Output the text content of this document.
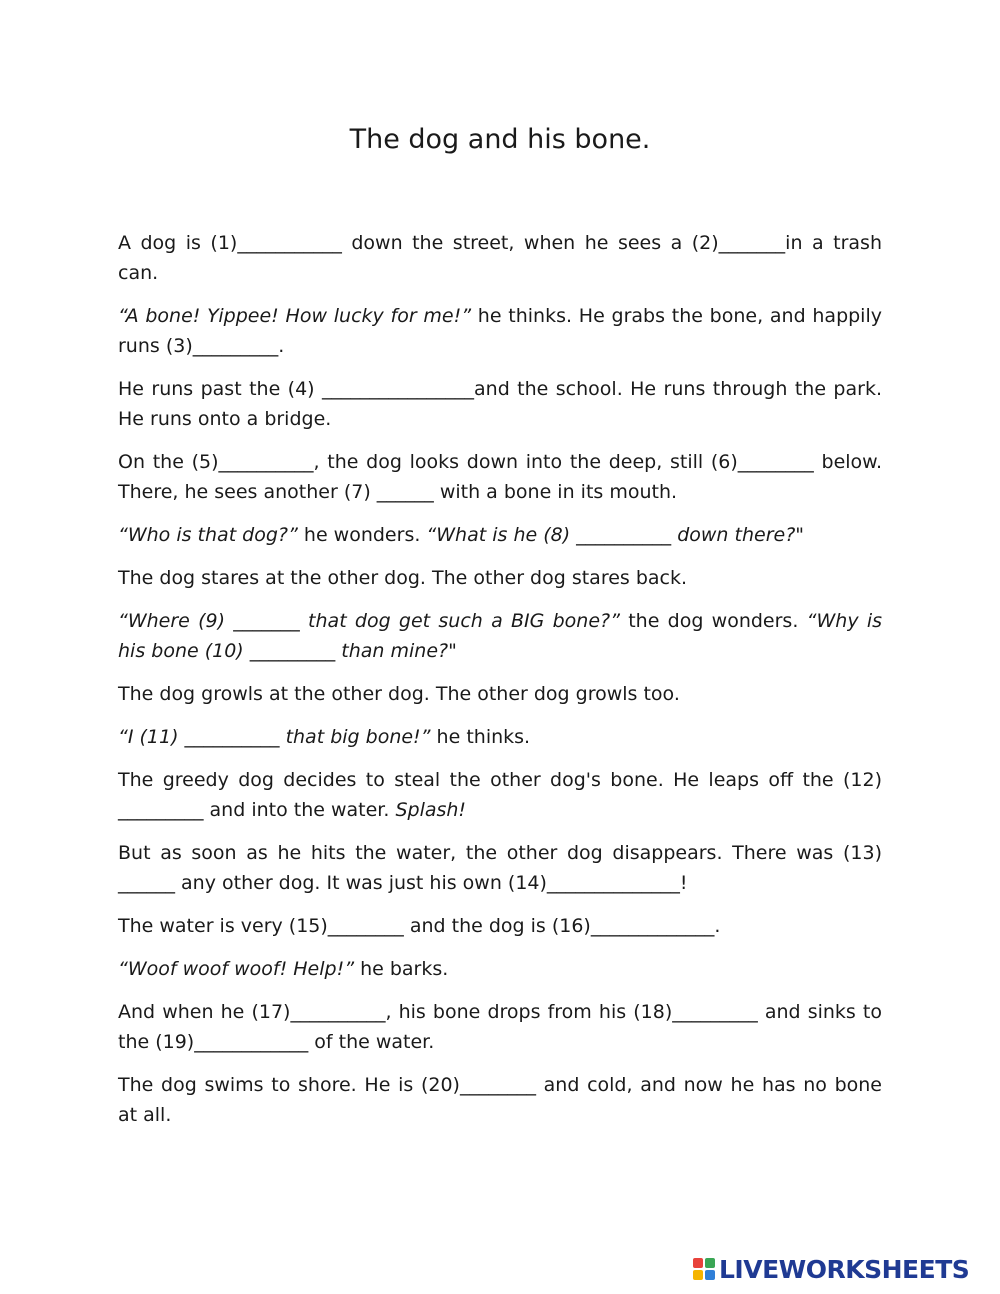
The dog and his bone.

A dog is (1)___________ down the street, when he sees a (2)_______in a trash can.

“A bone! Yippee! How lucky for me!” he thinks. He grabs the bone, and happily runs (3)_________.

He runs past the (4) ________________and the school. He runs through the park. He runs onto a bridge.

On the (5)__________, the dog looks down into the deep, still (6)________ below. There, he sees another (7) ______ with a bone in its mouth.

“Who is that dog?” he wonders. “What is he (8) __________ down there?"

The dog stares at the other dog. The other dog stares back.

“Where (9) _______ that dog get such a BIG bone?” the dog wonders. “Why is his bone (10) _________ than mine?"

The dog growls at the other dog. The other dog growls too.

“I (11) __________ that big bone!” he thinks.

The greedy dog decides to steal the other dog's bone. He leaps off the (12) _________ and into the water. Splash!

But as soon as he hits the water, the other dog disappears. There was (13) ______ any other dog. It was just his own (14)______________!

The water is very (15)________ and the dog is (16)_____________.

“Woof woof woof! Help!” he barks.

And when he (17)__________, his bone drops from his (18)_________ and sinks to the (19)____________ of the water.

The dog swims to shore. He is (20)________ and cold, and now he has no bone at all.

LIVEWORKSHEETS
